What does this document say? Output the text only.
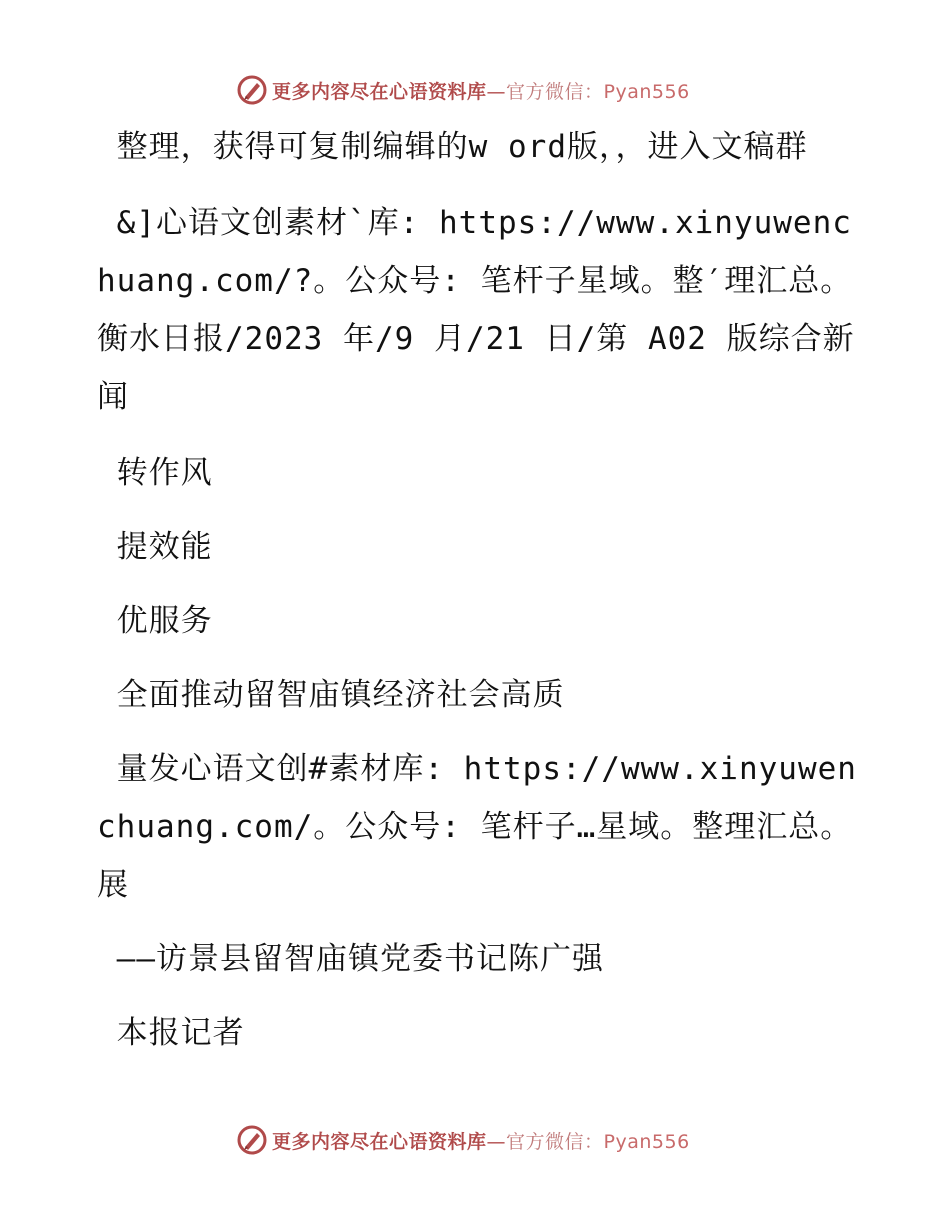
更多内容尽在心语资料库—官方微信：Pyan556

整理，获得可复制编辑的w ord版，，进入文稿群

&]心语文创素材`库: https://www.xinyuwenchuang.com/?。公众号: 笔杆子星域。整′理汇总。衡水日报/2023 年/9 月/21 日/第 A02 版综合新闻

转作风

提效能

优服务

全面推动留智庙镇经济社会高质

量发心语文创#素材库: https://www.xinyuwenchuang.com/。公众号: 笔杆子…星域。整理汇总。展

——访景县留智庙镇党委书记陈广强

本报记者

更多内容尽在心语资料库—官方微信：Pyan556
